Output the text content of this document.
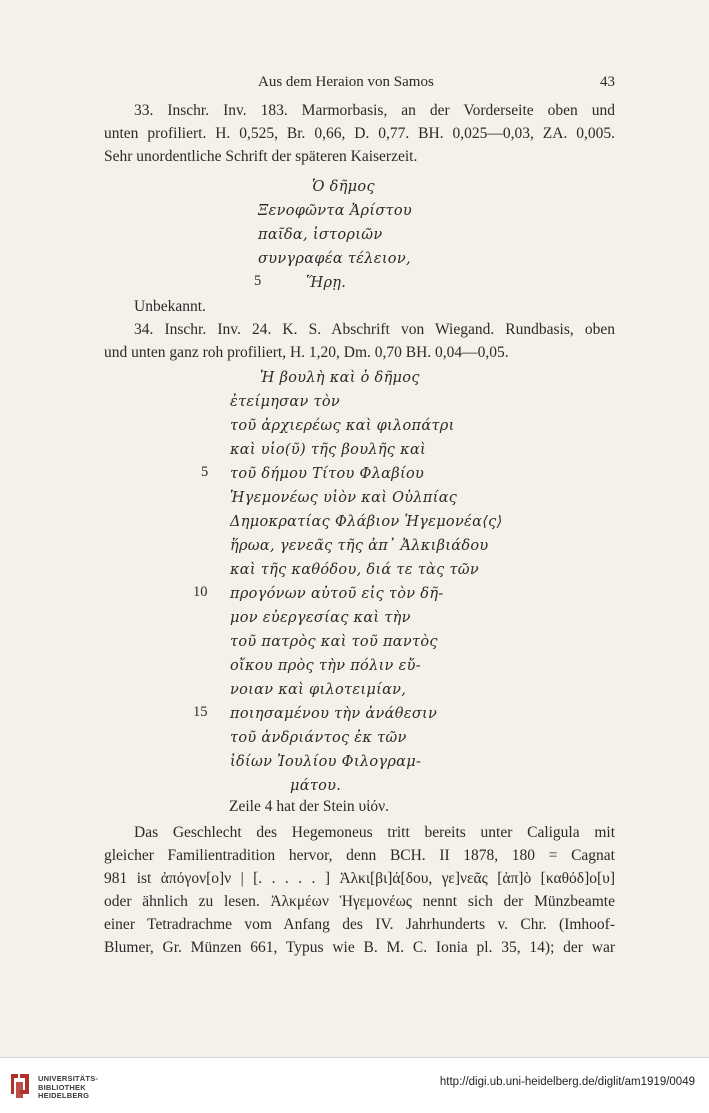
Aus dem Heraion von Samos	43
33. Inschr. Inv. 183. Marmorbasis, an der Vorderseite oben und
unten profiliert. H. 0,525, Br. 0,66, D. 0,77. BH. 0,025—0,03, ZA. 0,005.
Sehr unordentliche Schrift der späteren Kaiserzeit.
Ὁ δῆμος
Ξενοφῶντα Ἀρίστου
παῖδα, ἱστοριῶν
συνγραφέα τέλειον,
5	Ἥρῃ.
Unbekannt.
34. Inschr. Inv. 24. K. S. Abschrift von Wiegand. Rundbasis, oben
und unten ganz roh profiliert, H. 1,20, Dm. 0,70 BH. 0,04—0,05.
Ἡ βουλὴ καὶ ὁ δῆμος
ἐτείμησαν τὸν
τοῦ ἀρχιερέως καὶ φιλοπάτρι
καὶ υἱο(ῦ) τῆς βουλῆς καὶ
5 τοῦ δήμου Τίτου Φλαβίου
Ἡγεμονέως υἱὸν καὶ Οὐλπίας
Δημοκρατίας Φλάβιον Ἡγεμονέα⟨ς⟩
ἥρωα, γενεᾶς τῆς ἀπ᾽ Ἀλκιβιάδου
καὶ τῆς καθόδου, διά τε τὰς τῶν
10 προγόνων αὐτοῦ εἰς τὸν δῆ-
μον εὐεργεσίας καὶ τὴν
τοῦ πατρὸς καὶ τοῦ παντὸς
οἴκου πρὸς τὴν πόλιν εὔ-
νοιαν καὶ φιλοτειμίαν,
15 ποιησαμένου τὴν ἀνάθεσιν
τοῦ ἀνδριάντος ἐκ τῶν
ἰδίων Ἰουλίου Φιλογραμ-
μάτου.
Zeile 4 hat der Stein υἱόν.
Das Geschlecht des Hegemoneus tritt bereits unter Caligula mit
gleicher Familientradition hervor, denn BCH. II 1878, 180 = Cagnat
981 ist ἀπόγον[ο]ν | [. . . . . ] Ἀλκι[βι]ά[δου, γε]νεᾶς [ἀπ]ὸ [καθόδ]ο[υ]
oder ähnlich zu lesen. Ἀλκμέων Ἡγεμονέως nennt sich der Münzbeamte
einer Tetradrachme vom Anfang des IV. Jahrhunderts v. Chr. (Imhoof-
Blumer, Gr. Münzen 661, Typus wie B. M. C. Ionia pl. 35, 14); der war
UNIVERSITÄTS-
BIBLIOTHEK
HEIDELBERG
http://digi.ub.uni-heidelberg.de/diglit/am1919/0049
